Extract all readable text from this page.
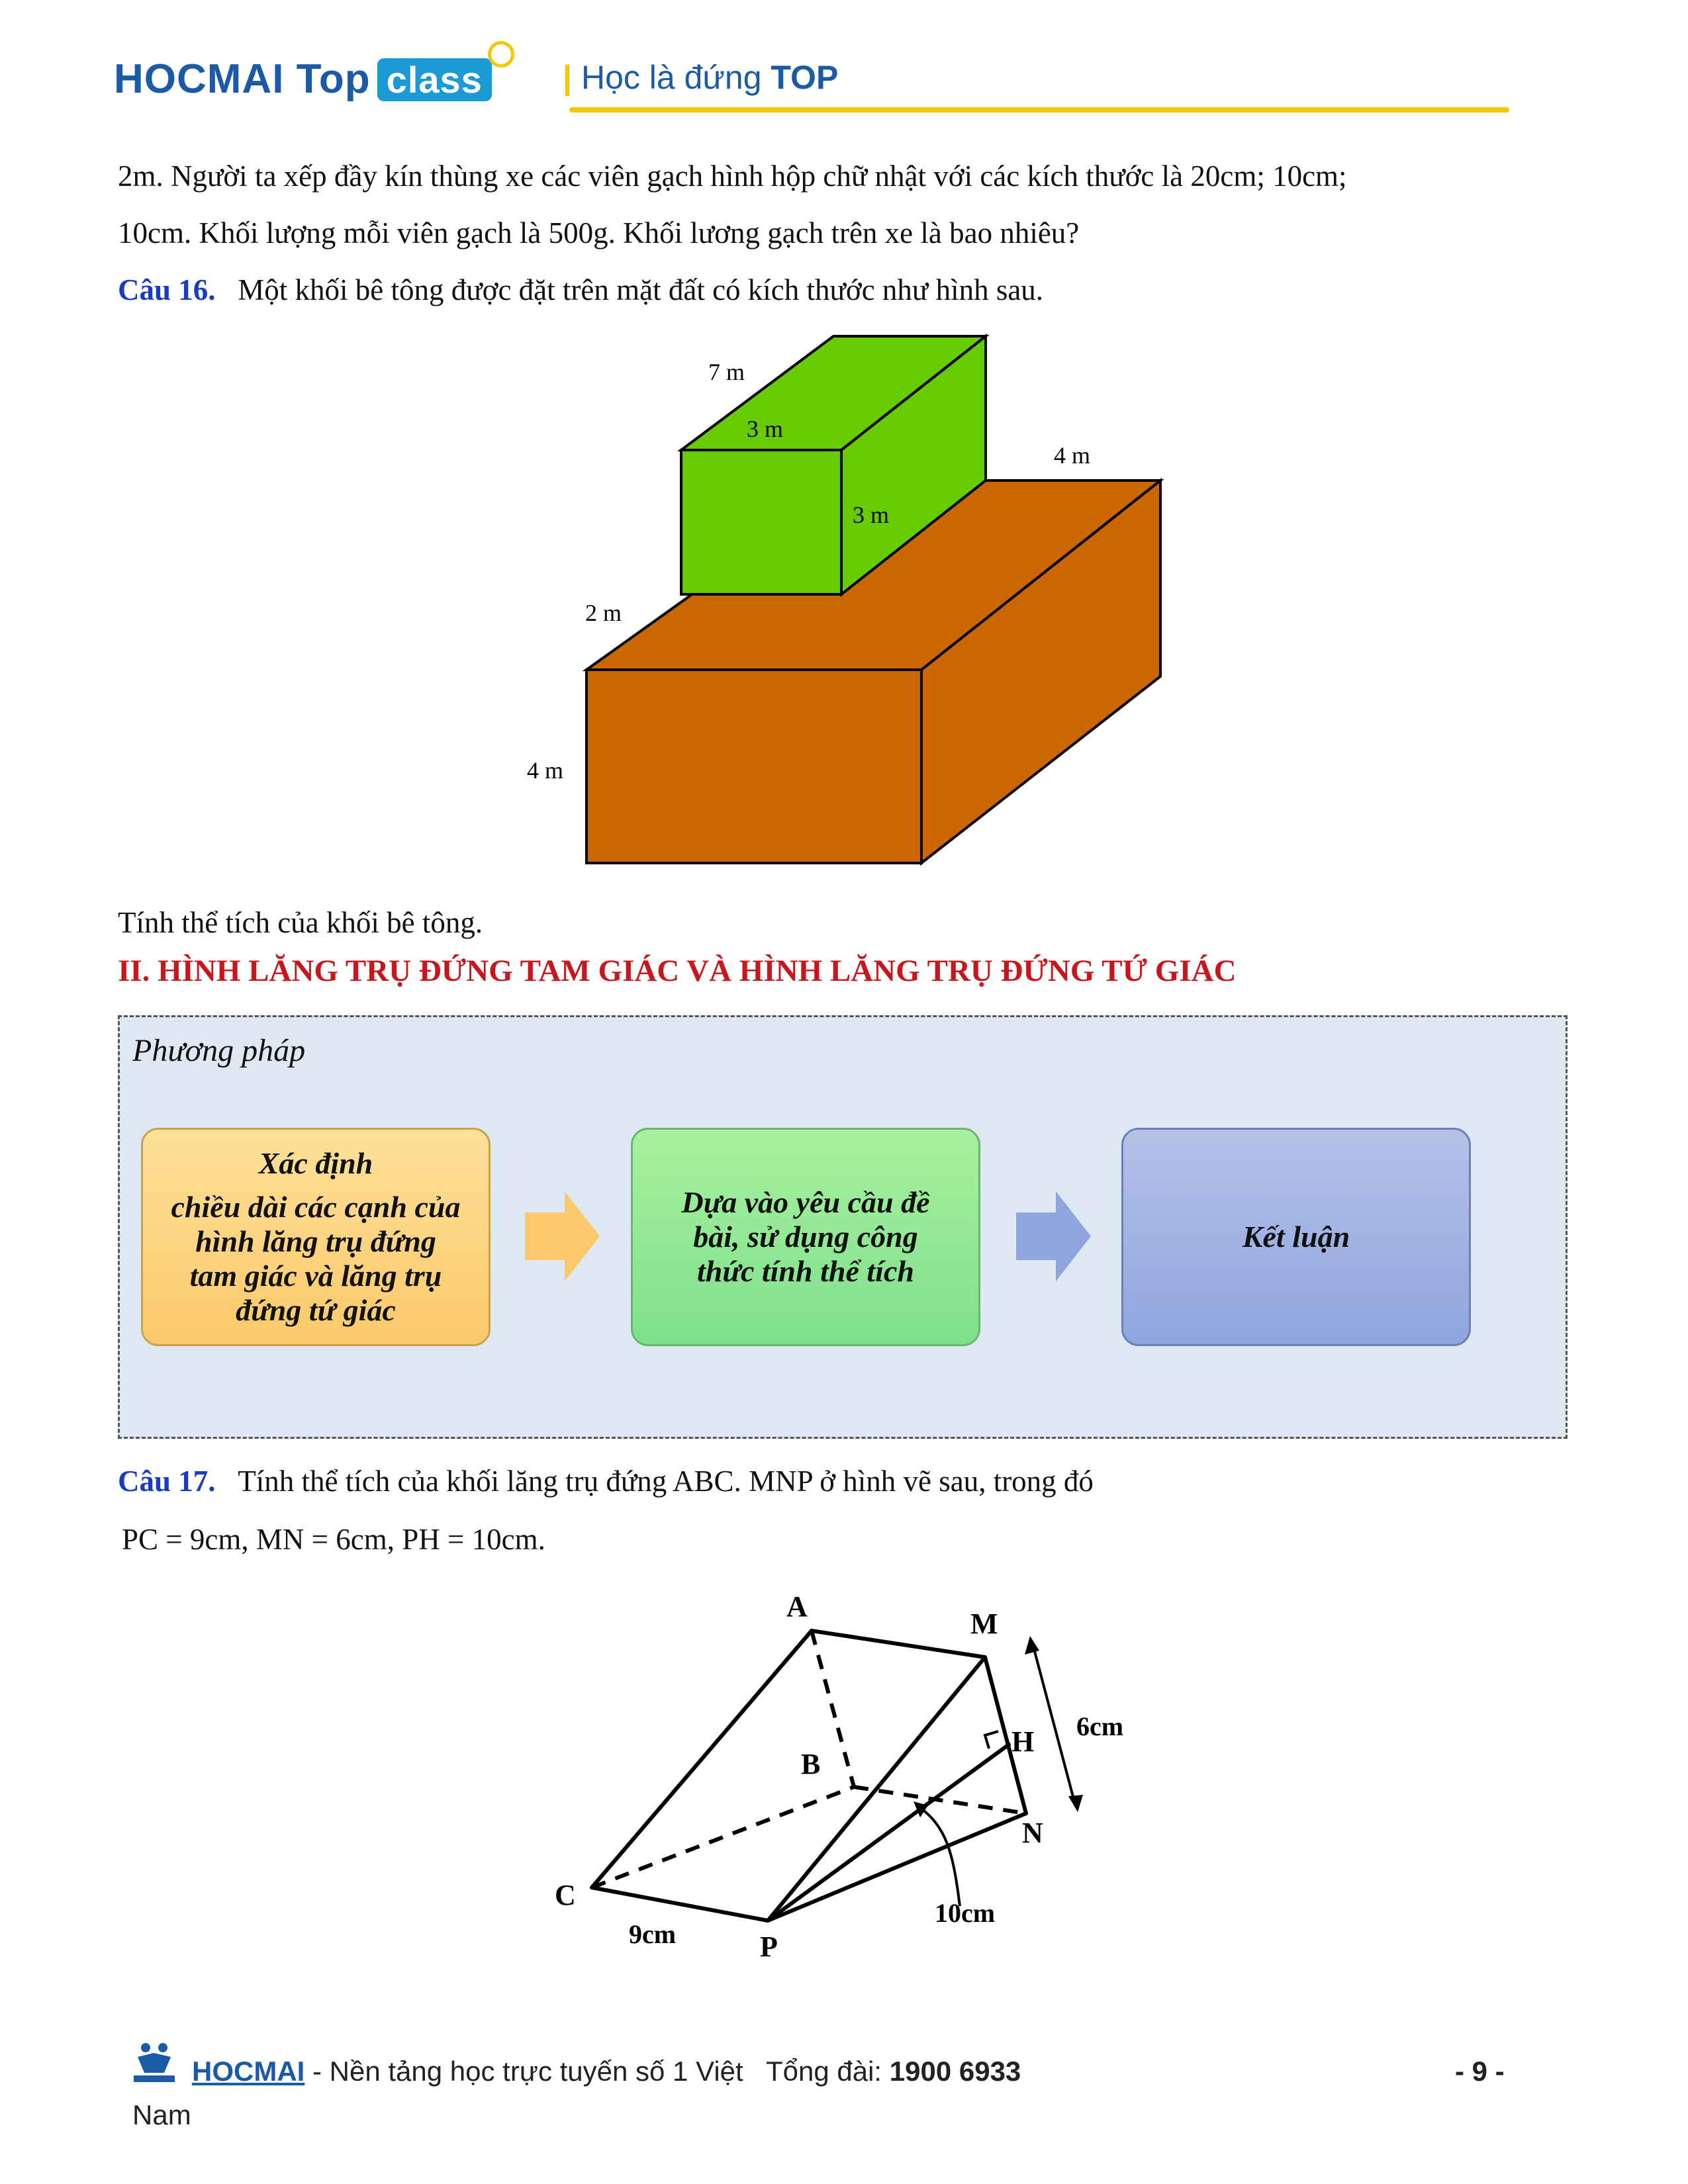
HOCMAI Top class	| Học là đứng TOP
2m. Người ta xếp đầy kín thùng xe các viên gạch hình hộp chữ nhật với các kích thước là 20cm; 10cm;
10cm. Khối lượng mỗi viên gạch là 500g. Khối lương gạch trên xe là bao nhiêu?
Câu 16. Một khối bê tông được đặt trên mặt đất có kích thước như hình sau.
7 m
3 m
3 m
4 m
2 m
4 m
Tính thể tích của khối bê tông.
II. HÌNH LĂNG TRỤ ĐỨNG TAM GIÁC VÀ HÌNH LĂNG TRỤ ĐỨNG TỨ GIÁC
Phương pháp
Xác định
chiều dài các cạnh của
hình lăng trụ đứng
tam giác và lăng trụ
đứng tứ giác
Dựa vào yêu cầu đề
bài, sử dụng công
thức tính thể tích
Kết luận
Câu 17. Tính thể tích của khối lăng trụ đứng ABC. MNP ở hình vẽ sau, trong đó
PC = 9cm, MN = 6cm, PH = 10cm.
A
M
B
H
N
C
P
6cm
10cm
9cm
HOCMAI - Nền tảng học trực tuyến số 1 Việt Tổng đài: 1900 6933
Nam
- 9 -
